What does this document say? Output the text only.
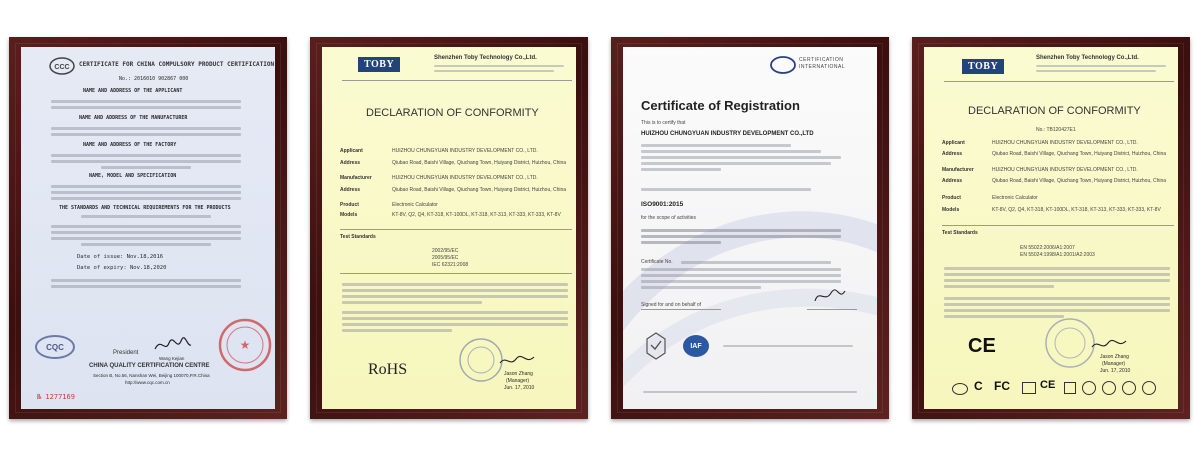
CCC CERTIFICATE FOR CHINA COMPULSORY PRODUCT CERTIFICATION
No.: 2016010 902867 000
NAME AND ADDRESS OF THE APPLICANT
NAME AND ADDRESS OF THE MANUFACTURER
NAME AND ADDRESS OF THE FACTORY
NAME, MODEL AND SPECIFICATION
THE STANDARDS AND TECHNICAL REQUIREMENTS FOR THE PRODUCTS
Date of issue: Nov.18,2016
Date of expiry: Nov.18,2020
CQC
President
Wang Kejian
★
CHINA QUALITY CERTIFICATION CENTRE
Section B, No.56, Nanshan Wei, Beijing 100070,P.R.China
http://www.cqc.com.cn
№ 1277169
TOBY
Shenzhen Toby Technology Co.,Ltd.
DECLARATION OF CONFORMITY
Applicant	HUIZHOU CHUNGYUAN INDUSTRY DEVELOPMENT CO., LTD.
Address	Qiubao Road, Baishi Village, Qiuchang Town, Huiyang District, Huizhou, China
Manufacturer	HUIZHOU CHUNGYUAN INDUSTRY DEVELOPMENT CO., LTD.
Address	Qiubao Road, Baishi Village, Qiuchang Town, Huiyang District, Huizhou, China
Product	Electronic Calculator
Models	KT-8V, Q2, Q4, KT-318, KT-100DL, KT-318, KT-313, KT-333, KT-333, KT-8V
Test Standards
2002/95/EC
2005/95/EC
IEC 62321:2008
RoHS	Jason Zhang
(Manager)
Jun. 17, 2010
CERTIFICATION
INTERNATIONAL
Certificate of Registration
This is to certify that
HUIZHOU CHUNGYUAN INDUSTRY DEVELOPMENT CO.,LTD
ISO9001:2015
for the scope of activities
Certificate No.
Signed for and on behalf of
IAF
TOBY
Shenzhen Toby Technology Co.,Ltd.
DECLARATION OF CONFORMITY
No.: TB120427E1
Applicant	HUIZHOU CHUNGYUAN INDUSTRY DEVELOPMENT CO., LTD.
Address	Qiubao Road, Baishi Village, Qiuchang Town, Huiyang District, Huizhou, China
Manufacturer	HUIZHOU CHUNGYUAN INDUSTRY DEVELOPMENT CO., LTD.
Address	Qiubao Road, Baishi Village, Qiuchang Town, Huiyang District, Huizhou, China
Product	Electronic Calculator
Models	KT-8V, Q2, Q4, KT-318, KT-100DL, KT-318, KT-313, KT-333, KT-333, KT-8V
Test Standards
EN 55022:2006/A1:2007
EN 55024:1998/A1:2001/A2:2003
CE	Jason Zhang
(Manager)
Jun. 17, 2010
C FC	CE
